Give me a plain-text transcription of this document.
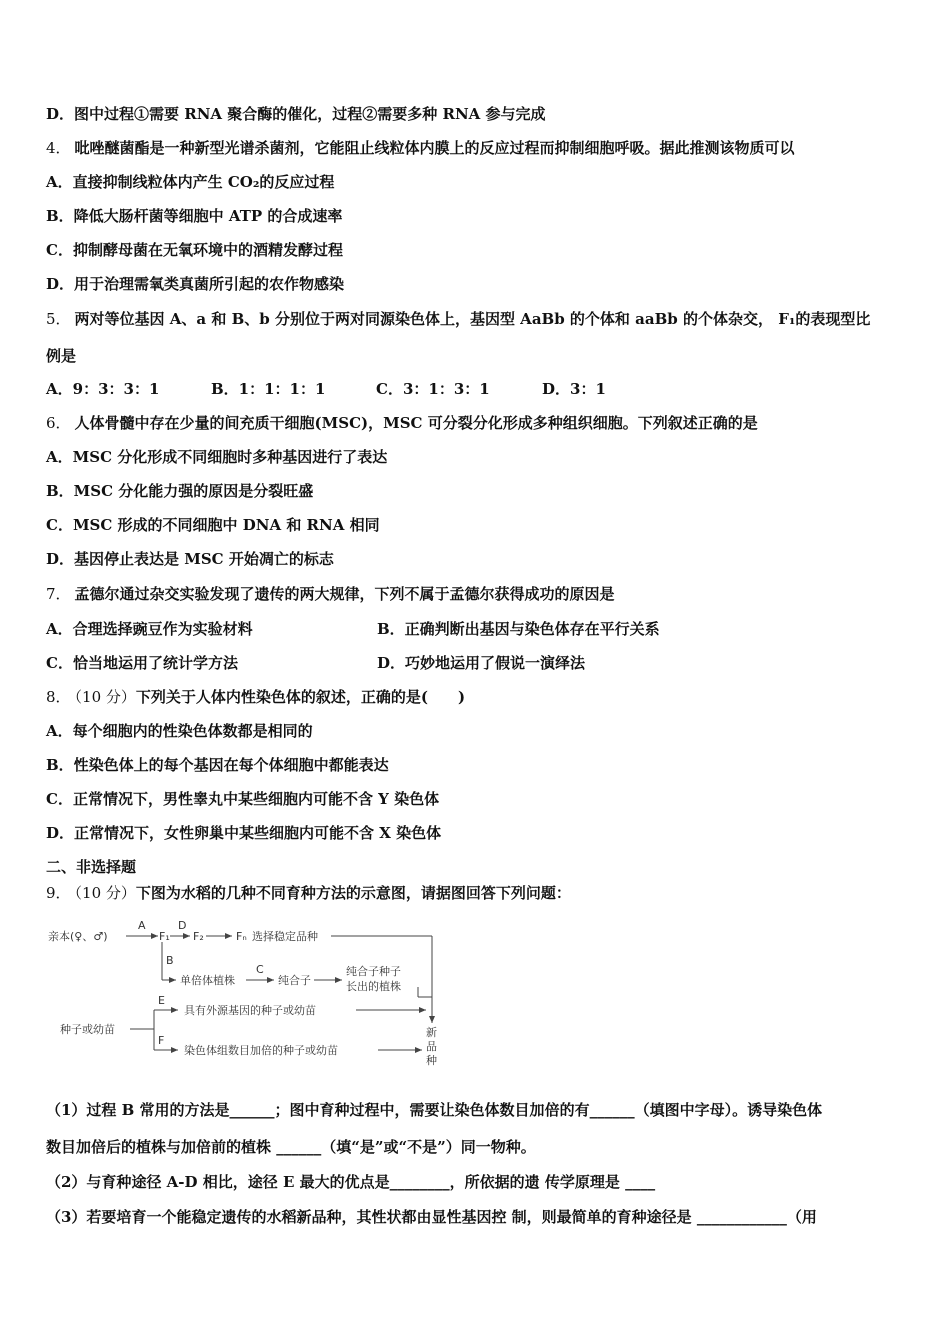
D．图中过程①需要 RNA 聚合酶的催化，过程②需要多种 RNA 参与完成
4． 吡唑醚菌酯是一种新型光谱杀菌剂，它能阻止线粒体内膜上的反应过程而抑制细胞呼吸。据此推测该物质可以
A．直接抑制线粒体内产生 CO₂的反应过程
B．降低大肠杆菌等细胞中 ATP 的合成速率
C．抑制酵母菌在无氧环境中的酒精发酵过程
D．用于治理需氧类真菌所引起的农作物感染
5． 两对等位基因 A、a 和 B、b 分别位于两对同源染色体上，基因型 AaBb 的个体和 aaBb 的个体杂交， F₁的表现型比
例是
A．9：3：3：1	B．1：1：1：1	C．3：1：3：1	D．3：1
6． 人体骨髓中存在少量的间充质干细胞(MSC)，MSC 可分裂分化形成多种组织细胞。下列叙述正确的是
A．MSC 分化形成不同细胞时多种基因进行了表达
B．MSC 分化能力强的原因是分裂旺盛
C．MSC 形成的不同细胞中 DNA 和 RNA 相同
D．基因停止表达是 MSC 开始凋亡的标志
7． 孟德尔通过杂交实验发现了遗传的两大规律，下列不属于孟德尔获得成功的原因是
A．合理选择豌豆作为实验材料	B．正确判断出基因与染色体存在平行关系
C．恰当地运用了统计学方法	D．巧妙地运用了假说一演绎法
8． （10 分）下列关于人体内性染色体的叙述，正确的是(　　)
A．每个细胞内的性染色体数都是相同的
B．性染色体上的每个基因在每个体细胞中都能表达
C．正常情况下，男性睾丸中某些细胞内可能不含 Y 染色体
D．正常情况下，女性卵巢中某些细胞内可能不含 X 染色体
二、非选择题
9． （10 分）下图为水稻的几种不同育种方法的示意图，请据图回答下列问题：
亲本(♀、♂)
A
F₁
D
F₂	Fₙ 选择稳定品种
B
单倍体植株
C
纯合子
纯合子种子
长出的植株
种子或幼苗
E
具有外源基因的种子或幼苗
F
染色体组数目加倍的种子或幼苗
新
品
种
（1）过程 B 常用的方法是______；图中育种过程中，需要让染色体数目加倍的有______（填图中字母）。诱导染色体
数目加倍后的植株与加倍前的植株 ______（填“是”或“不是”）同一物种。
（2）与育种途径 A-D 相比，途径 E 最大的优点是________，所依据的遗 传学原理是 ____
（3）若要培育一个能稳定遗传的水稻新品种，其性状都由显性基因控 制，则最简单的育种途径是 ____________（用
